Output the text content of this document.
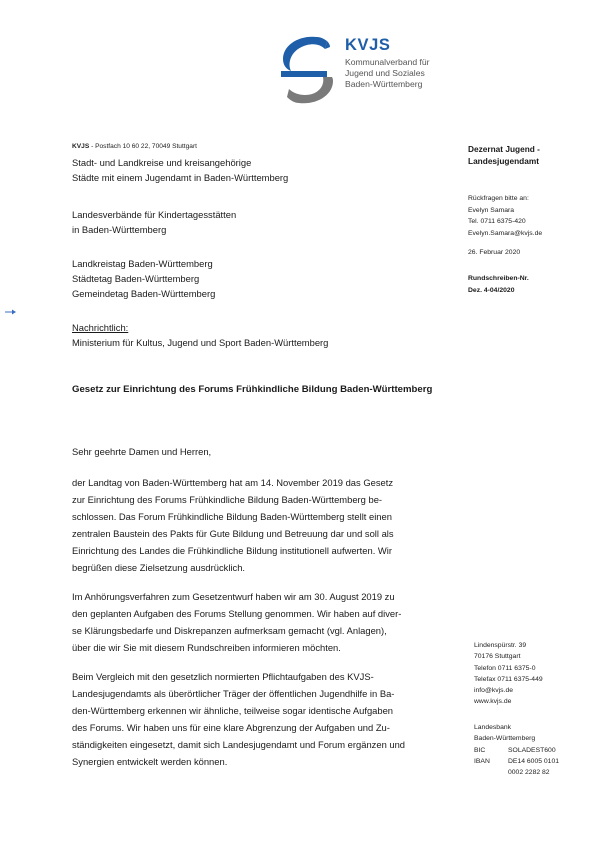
KVJS
Kommunalverband für
Jugend und Soziales
Baden-Württemberg
KVJS - Postfach 10 60 22, 70049 Stuttgart
Stadt- und Landkreise und kreisangehörige
Städte mit einem Jugendamt in Baden-Württemberg
Landesverbände für Kindertagesstätten
in Baden-Württemberg
Landkreistag Baden-Württemberg
Städtetag Baden-Württemberg
Gemeindetag Baden-Württemberg
Nachrichtlich:
Ministerium für Kultus, Jugend und Sport Baden-Württemberg
Dezernat Jugend -
Landesjugendamt
Rückfragen bitte an:
Evelyn Samara
Tel. 0711 6375-420
Evelyn.Samara@kvjs.de
26. Februar 2020
Rundschreiben-Nr.
Dez. 4-04/2020
Gesetz zur Einrichtung des Forums Frühkindliche Bildung Baden-Württemberg
Sehr geehrte Damen und Herren,
der Landtag von Baden-Württemberg hat am 14. November 2019 das Gesetz
zur Einrichtung des Forums Frühkindliche Bildung Baden-Württemberg be-
schlossen. Das Forum Frühkindliche Bildung Baden-Württemberg stellt einen
zentralen Baustein des Pakts für Gute Bildung und Betreuung dar und soll als
Einrichtung des Landes die Frühkindliche Bildung institutionell aufwerten. Wir
begrüßen diese Zielsetzung ausdrücklich.
Im Anhörungsverfahren zum Gesetzentwurf haben wir am 30. August 2019 zu
den geplanten Aufgaben des Forums Stellung genommen. Wir haben auf diver-
se Klärungsbedarfe und Diskrepanzen aufmerksam gemacht (vgl. Anlagen),
über die wir Sie mit diesem Rundschreiben informieren möchten.
Beim Vergleich mit den gesetzlich normierten Pflichtaufgaben des KVJS-
Landesjugendamts als überörtlicher Träger der öffentlichen Jugendhilfe in Ba-
den-Württemberg erkennen wir ähnliche, teilweise sogar identische Aufgaben
des Forums. Wir haben uns für eine klare Abgrenzung der Aufgaben und Zu-
ständigkeiten eingesetzt, damit sich Landesjugendamt und Forum ergänzen und
Synergien entwickelt werden können.
Lindenspürstr. 39
70176 Stuttgart
Telefon 0711 6375-0
Telefax 0711 6375-449
info@kvjs.de
www.kvjs.de
Landesbank
Baden-Württemberg
BIC	SOLADEST600
IBAN	DE14 6005 0101
0002 2282 82
